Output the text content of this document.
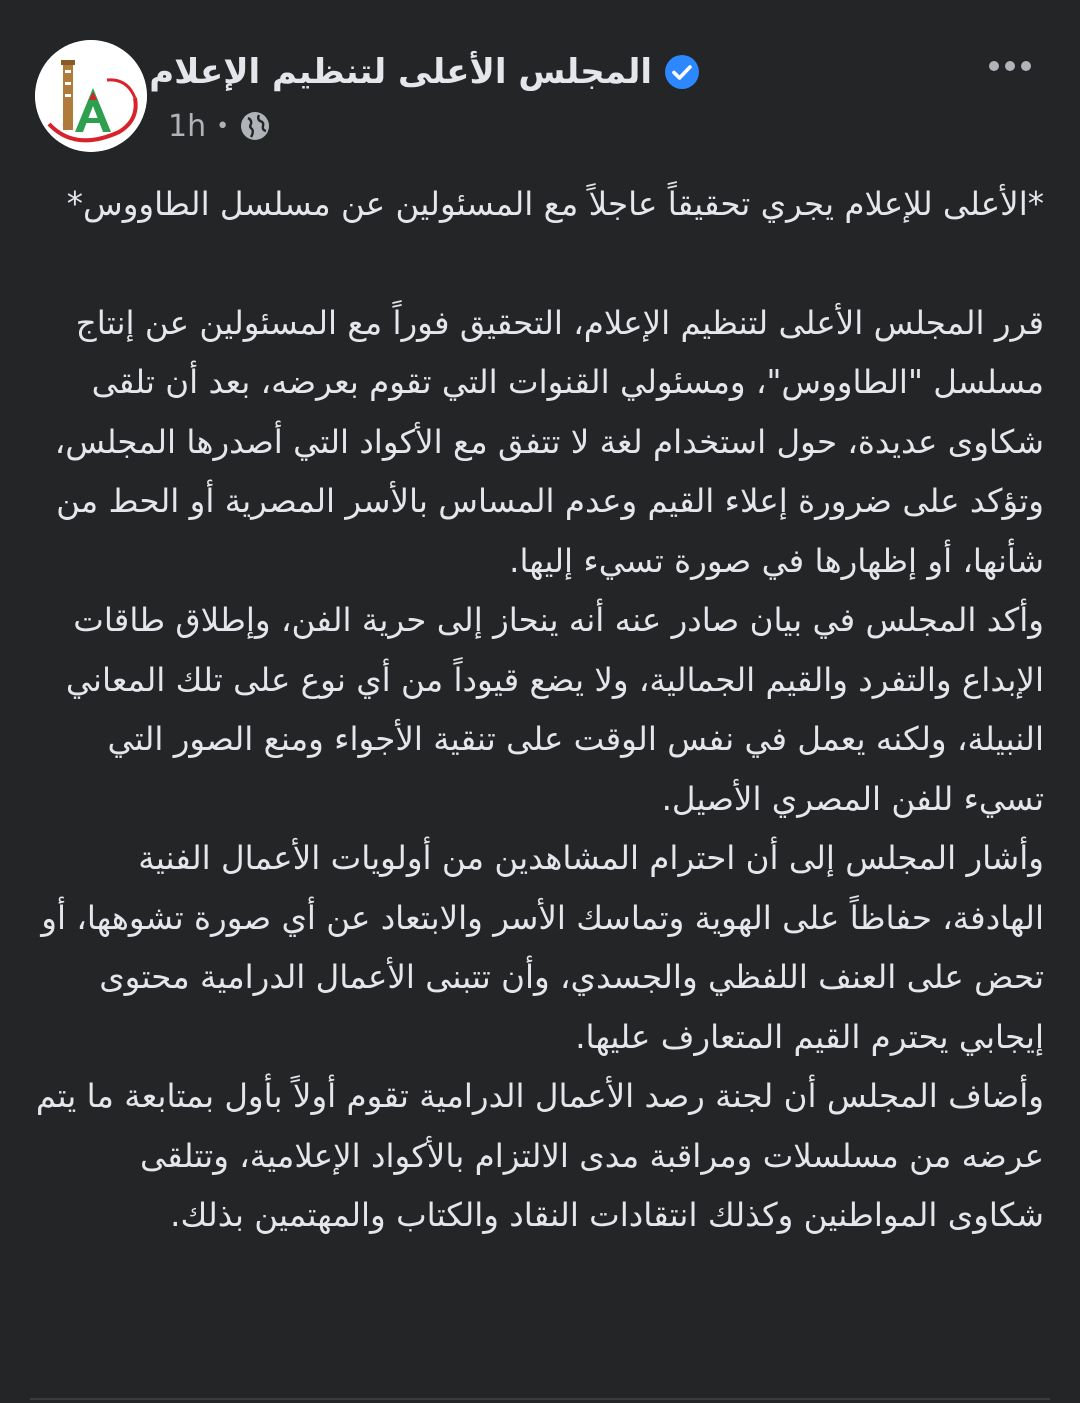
المجلس الأعلى لتنظيم الإعلام
1h •

*الأعلى للإعلام يجري تحقيقاً عاجلاً مع المسئولين عن مسلسل الطاووس*

قرر المجلس الأعلى لتنظيم الإعلام، التحقيق فوراً مع المسئولين عن إنتاج مسلسل "الطاووس"، ومسئولي القنوات التي تقوم بعرضه، بعد أن تلقى شكاوى عديدة، حول استخدام لغة لا تتفق مع الأكواد التي أصدرها المجلس، وتؤكد على ضرورة إعلاء القيم وعدم المساس بالأسر المصرية أو الحط من شأنها، أو إظهارها في صورة تسيء إليها.

وأكد المجلس في بيان صادر عنه أنه ينحاز إلى حرية الفن، وإطلاق طاقات الإبداع والتفرد والقيم الجمالية، ولا يضع قيوداً من أي نوع على تلك المعاني النبيلة، ولكنه يعمل في نفس الوقت على تنقية الأجواء ومنع الصور التي تسيء للفن المصري الأصيل.

وأشار المجلس إلى أن احترام المشاهدين من أولويات الأعمال الفنية الهادفة، حفاظاً على الهوية وتماسك الأسر والابتعاد عن أي صورة تشوهها، أو تحض على العنف اللفظي والجسدي، وأن تتبنى الأعمال الدرامية محتوى إيجابي يحترم القيم المتعارف عليها.

وأضاف المجلس أن لجنة رصد الأعمال الدرامية تقوم أولاً بأول بمتابعة ما يتم عرضه من مسلسلات ومراقبة مدى الالتزام بالأكواد الإعلامية، وتتلقى شكاوى المواطنين وكذلك انتقادات النقاد والكتاب والمهتمين بذلك.
